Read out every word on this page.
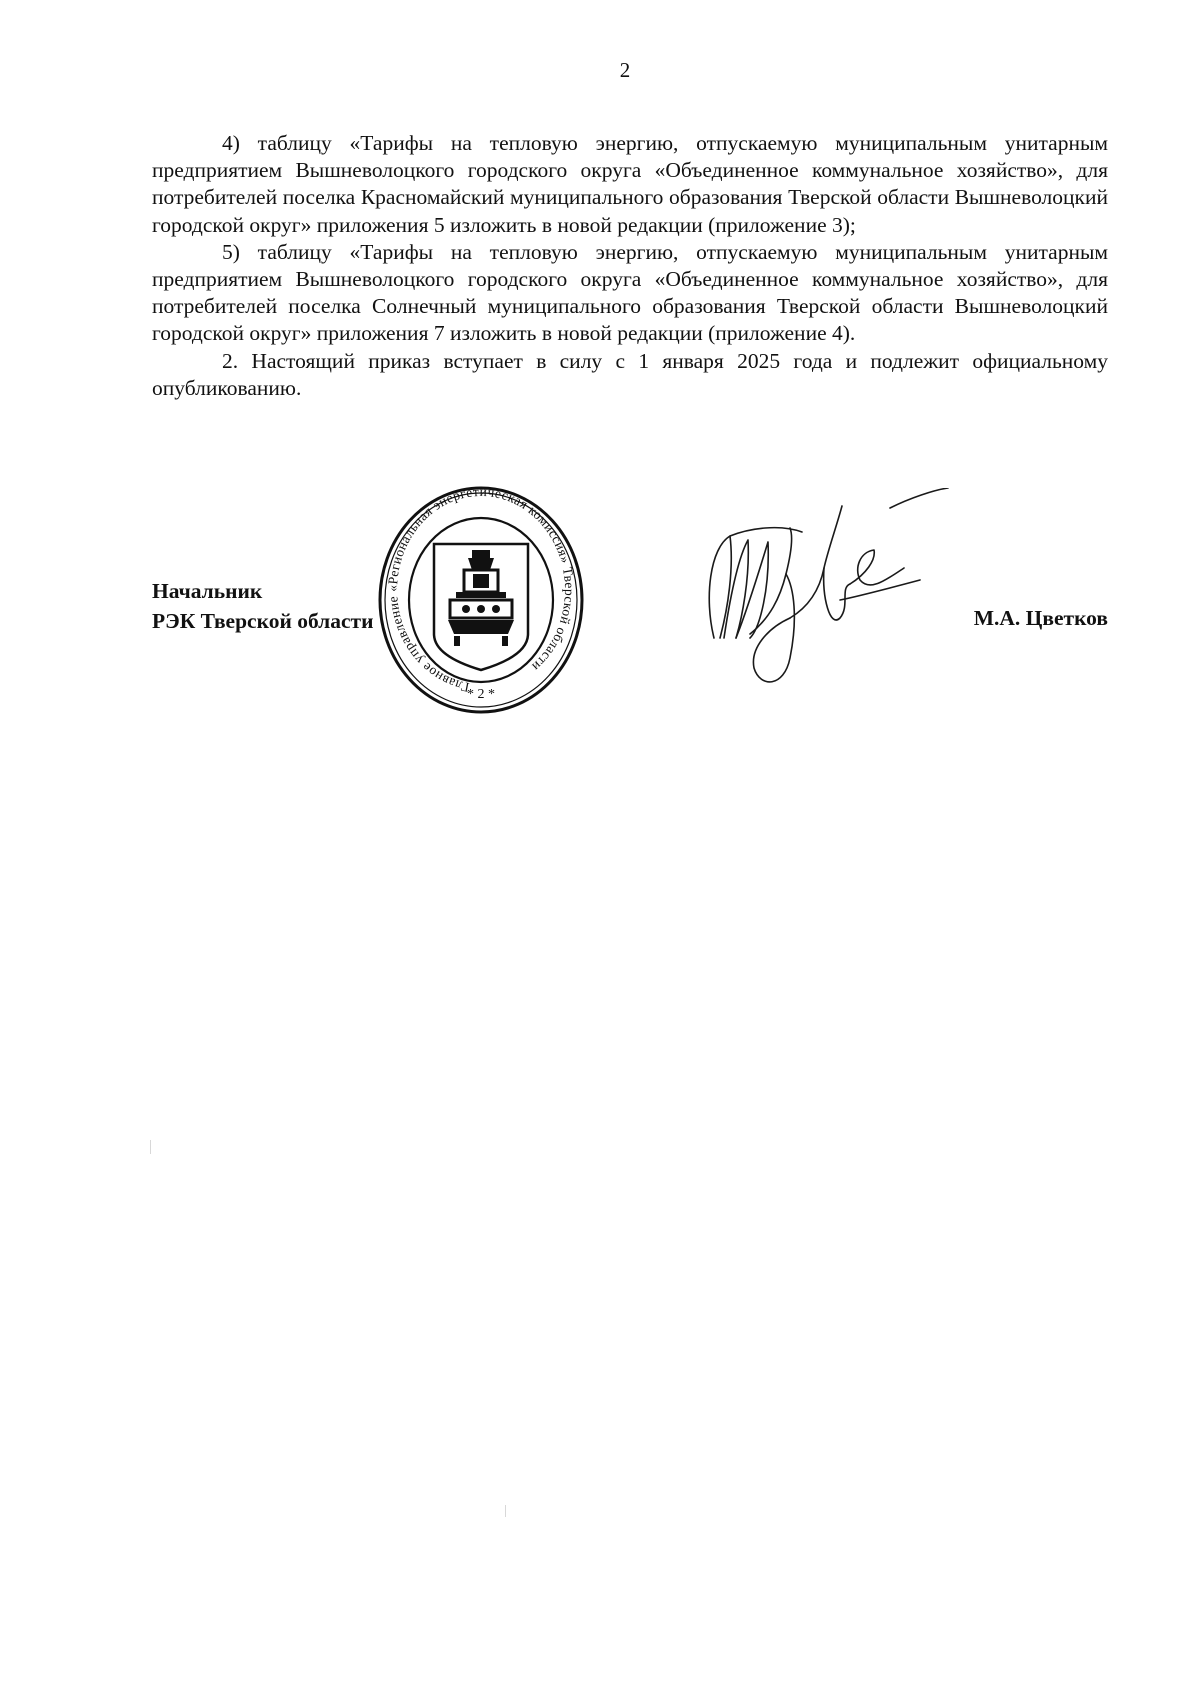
2

4) таблицу «Тарифы на тепловую энергию, отпускаемую муниципальным унитарным предприятием Вышневолоцкого городского округа «Объединенное коммунальное хозяйство», для потребителей поселка Красномайский муниципального образования Тверской области Вышневолоцкий городской округ» приложения 5 изложить в новой редакции (приложение 3);

5) таблицу «Тарифы на тепловую энергию, отпускаемую муниципальным унитарным предприятием Вышневолоцкого городского округа «Объединенное коммунальное хозяйство», для потребителей поселка Солнечный муниципального образования Тверской области Вышневолоцкий городской округ» приложения 7 изложить в новой редакции (приложение 4).

2. Настоящий приказ вступает в силу с 1 января 2025 года и подлежит официальному опубликованию.

Начальник
РЭК Тверской области	М.А. Цветков
Главное управление «Региональная энергетическая комиссия» Тверской области
* 2 *
